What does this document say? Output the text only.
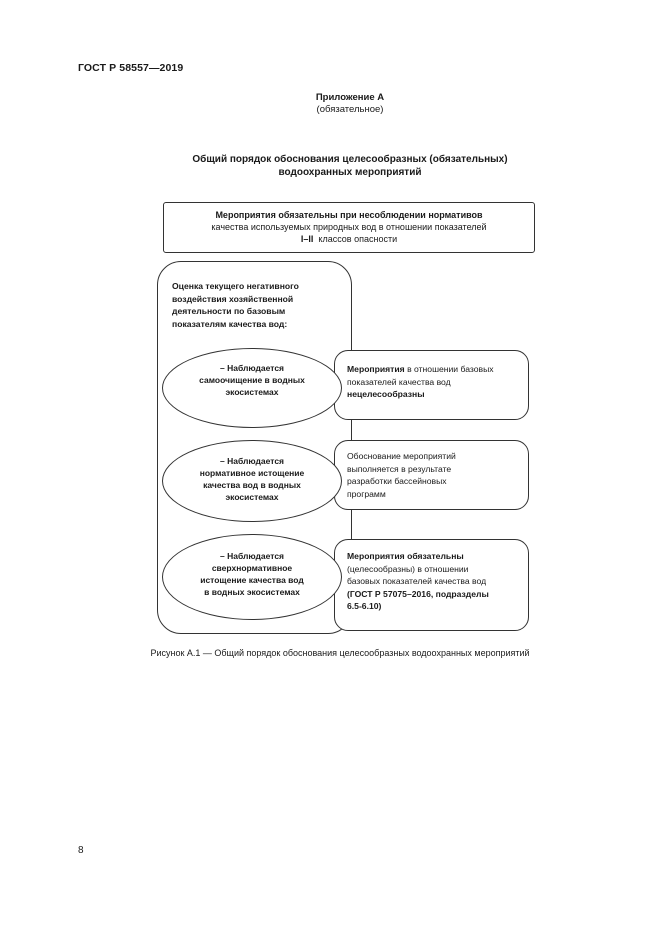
ГОСТ Р 58557—2019
Приложение А
(обязательное)
Общий порядок обоснования целесообразных (обязательных)
водоохранных мероприятий
Мероприятия обязательны при несоблюдении нормативов
качества используемых природных вод в отношении показателей
I–II классов опасности
Оценка текущего негативного
воздействия хозяйственной
деятельности по базовым
показателям качества вод:
Мероприятия в отношении базовых
показателей качества вод
нецелесообразны
Обоснование мероприятий
выполняется в результате
разработки бассейновых
программ
Мероприятия обязательны
(целесообразны) в отношении
базовых показателей качества вод
(ГОСТ Р 57075–2016, подразделы
6.5-6.10)
– Наблюдается
самоочищение в водных
экосистемах
– Наблюдается
нормативное истощение
качества вод в водных
экосистемах
– Наблюдается
сверхнормативное
истощение качества вод
в водных экосистемах
Рисунок А.1 — Общий порядок обоснования целесообразных водоохранных мероприятий
8
